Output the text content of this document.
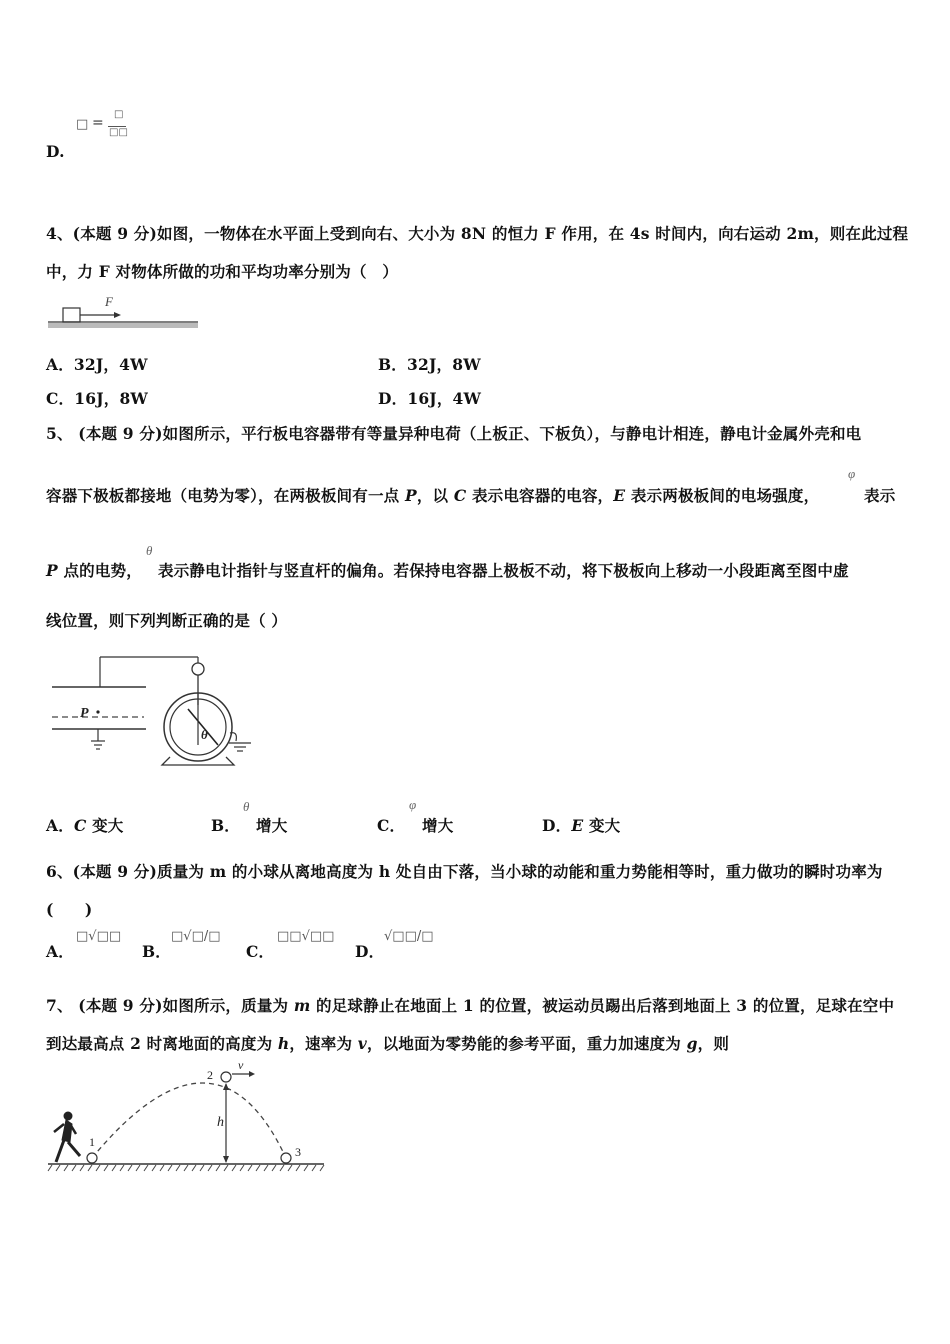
□ =
□
□□
D.
4、(本题 9 分)如图，一物体在水平面上受到向右、大小为 8N 的恒力 F 作用，在 4s 时间内，向右运动 2m，则在此过程
中，力 F 对物体所做的功和平均功率分别为（　）
F
A．32J，4W	B．32J，8W
C．16J，8W	D．16J，4W
5、 (本题 9 分)如图所示，平行板电容器带有等量异种电荷（上板正、下板负），与静电计相连，静电计金属外壳和电
容器下极板都接地（电势为零），在两极板间有一点 P，以 C 表示电容器的电容，E 表示两极板间的电场强度，
φ
表示
P 点的电势，
θ
表示静电计指针与竖直杆的偏角。若保持电容器上极板不动，将下极板向上移动一小段距离至图中虚
线位置，则下列判断正确的是（ ）
P
θ
A．C 变大	B．
θ
增大	C．
φ
增大	D．E 变大
6、(本题 9 分)质量为 m 的小球从离地高度为 h 处自由下落，当小球的动能和重力势能相等时，重力做功的瞬时功率为
(　　)
A．
□√□□
B．
□√□/□
C．
□□√□□
D．
√□□/□
7、 (本题 9 分)如图所示，质量为 m 的足球静止在地面上 1 的位置，被运动员踢出后落到地面上 3 的位置，足球在空中
到达最高点 2 时离地面的高度为 h，速率为 v，以地面为零势能的参考平面，重力加速度为 g，则
1
2
3
v
h
